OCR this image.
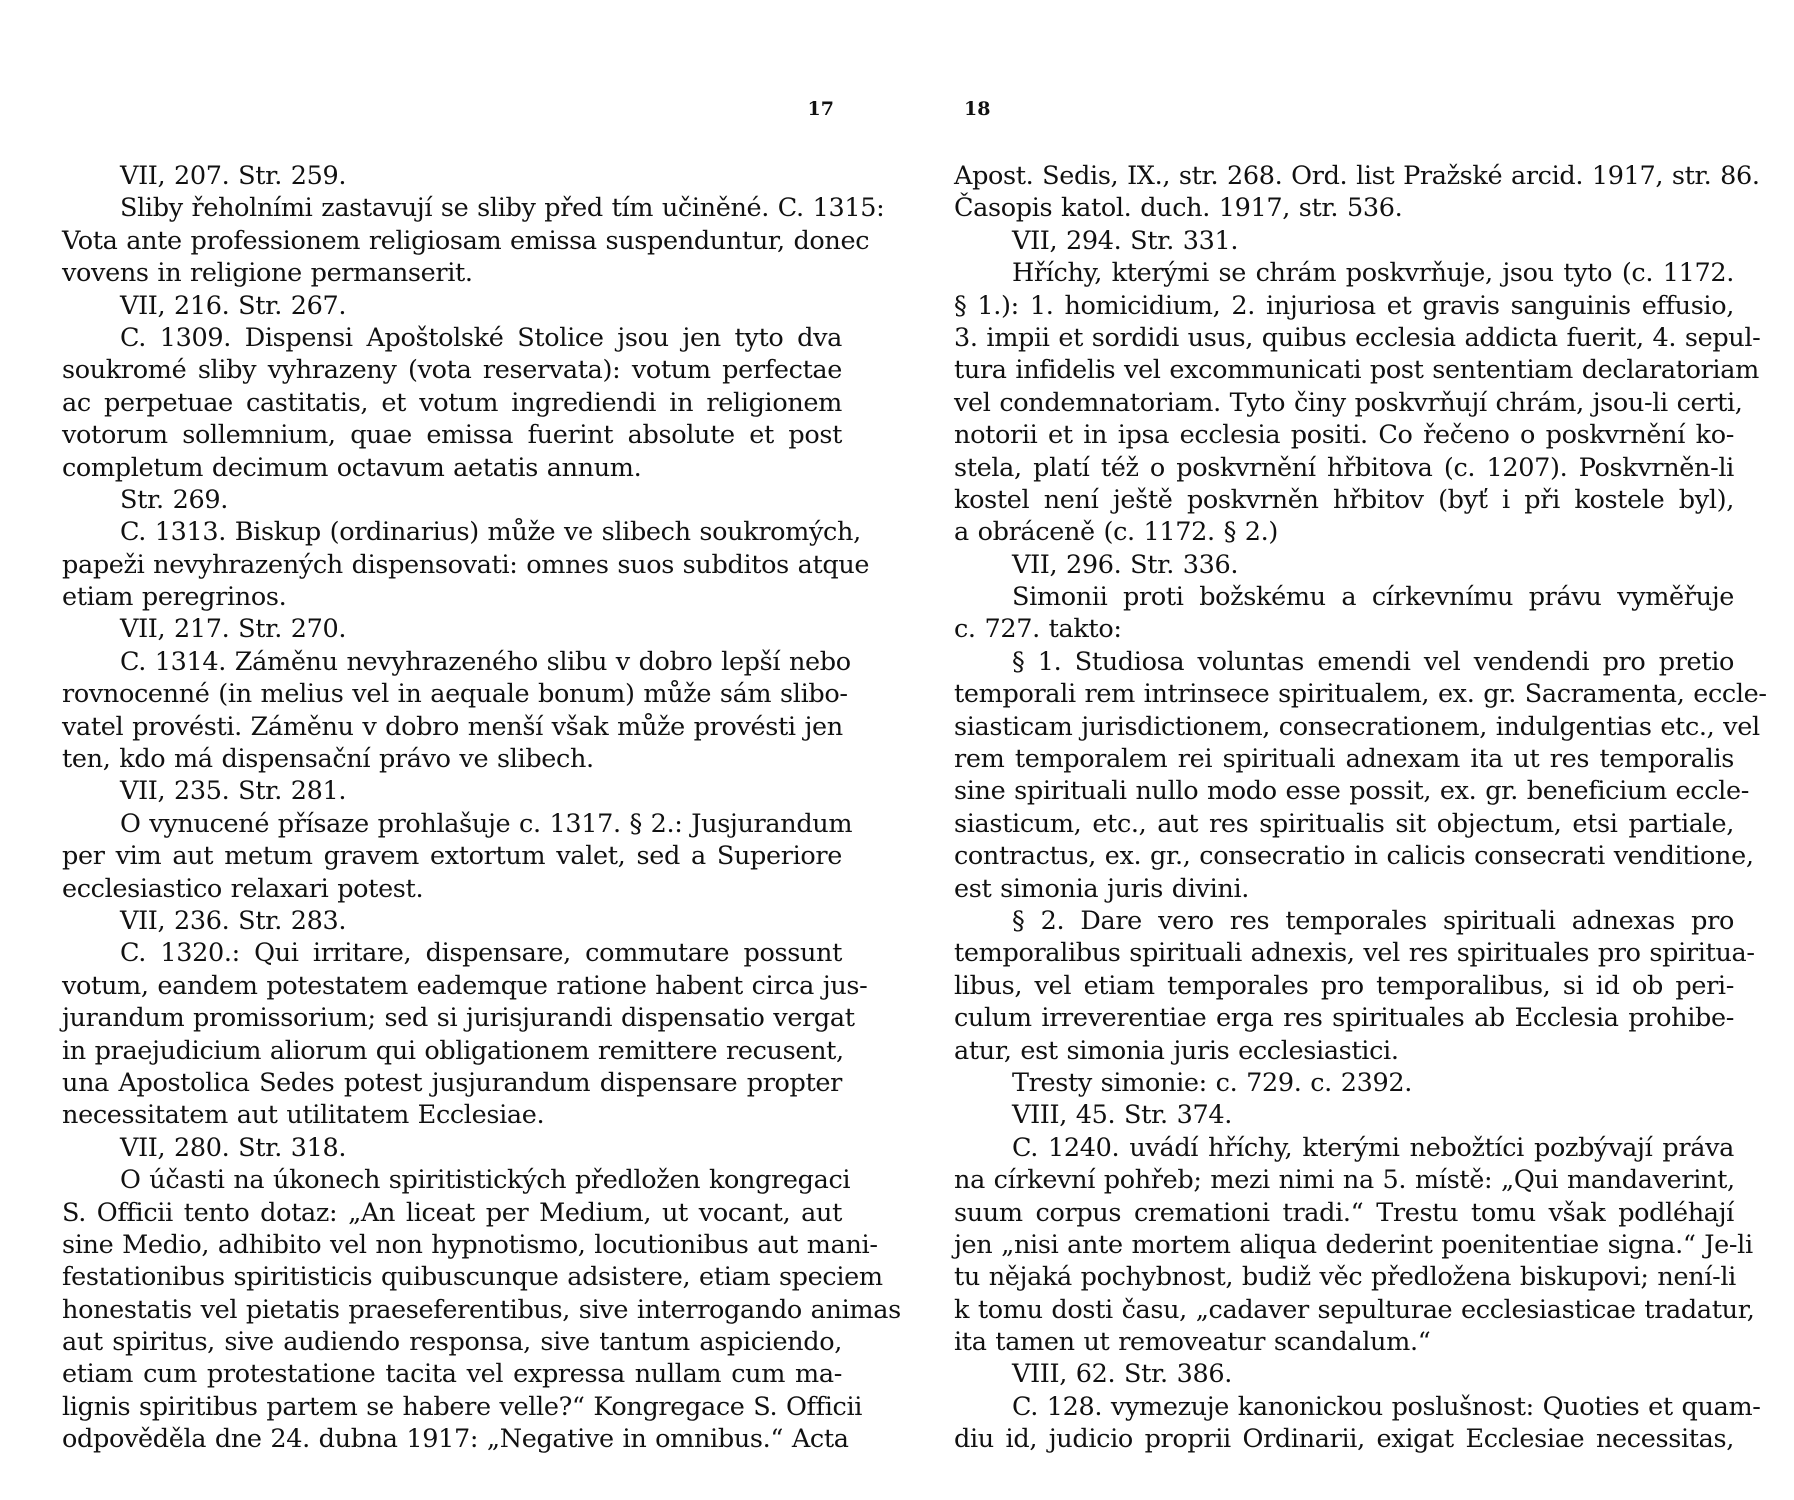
17
VII, 207. Str. 259.
Sliby řeholními zastavují se sliby před tím učiněné. C. 1315:
Vota ante professionem religiosam emissa suspenduntur, donec
vovens in religione permanserit.
VII, 216. Str. 267.
C. 1309. Dispensi Apoštolské Stolice jsou jen tyto dva
soukromé sliby vyhrazeny (vota reservata): votum perfectae
ac perpetuae castitatis, et votum ingrediendi in religionem
votorum sollemnium, quae emissa fuerint absolute et post
completum decimum octavum aetatis annum.
Str. 269.
C. 1313. Biskup (ordinarius) může ve slibech soukromých,
papeži nevyhrazených dispensovati: omnes suos subditos atque
etiam peregrinos.
VII, 217. Str. 270.
C. 1314. Záměnu nevyhrazeného slibu v dobro lepší nebo
rovnocenné (in melius vel in aequale bonum) může sám slibo-
vatel provésti. Záměnu v dobro menší však může provésti jen
ten, kdo má dispensační právo ve slibech.
VII, 235. Str. 281.
O vynucené přísaze prohlašuje c. 1317. § 2.: Jusjurandum
per vim aut metum gravem extortum valet, sed a Superiore
ecclesiastico relaxari potest.
VII, 236. Str. 283.
C. 1320.: Qui irritare, dispensare, commutare possunt
votum, eandem potestatem eademque ratione habent circa jus-
jurandum promissorium; sed si jurisjurandi dispensatio vergat
in praejudicium aliorum qui obligationem remittere recusent,
una Apostolica Sedes potest jusjurandum dispensare propter
necessitatem aut utilitatem Ecclesiae.
VII, 280. Str. 318.
O účasti na úkonech spiritistických předložen kongregaci
S. Officii tento dotaz: „An liceat per Medium, ut vocant, aut
sine Medio, adhibito vel non hypnotismo, locutionibus aut mani-
festationibus spiritisticis quibuscunque adsistere, etiam speciem
honestatis vel pietatis praeseferentibus, sive interrogando animas
aut spiritus, sive audiendo responsa, sive tantum aspiciendo,
etiam cum protestatione tacita vel expressa nullam cum ma-
lignis spiritibus partem se habere velle?“ Kongregace S. Officii
odpověděla dne 24. dubna 1917: „Negative in omnibus.“ Acta
18
Apost. Sedis, IX., str. 268. Ord. list Pražské arcid. 1917, str. 86.
Časopis katol. duch. 1917, str. 536.
VII, 294. Str. 331.
Hříchy, kterými se chrám poskvrňuje, jsou tyto (c. 1172.
§ 1.): 1. homicidium, 2. injuriosa et gravis sanguinis effusio,
3. impii et sordidi usus, quibus ecclesia addicta fuerit, 4. sepul-
tura infidelis vel excommunicati post sententiam declaratoriam
vel condemnatoriam. Tyto činy poskvrňují chrám, jsou-li certi,
notorii et in ipsa ecclesia positi. Co řečeno o poskvrnění ko-
stela, platí též o poskvrnění hřbitova (c. 1207). Poskvrněn-li
kostel není ještě poskvrněn hřbitov (byť i při kostele byl),
a obráceně (c. 1172. § 2.)
VII, 296. Str. 336.
Simonii proti božskému a církevnímu právu vyměřuje
c. 727. takto:
§ 1. Studiosa voluntas emendi vel vendendi pro pretio
temporali rem intrinsece spiritualem, ex. gr. Sacramenta, eccle-
siasticam jurisdictionem, consecrationem, indulgentias etc., vel
rem temporalem rei spirituali adnexam ita ut res temporalis
sine spirituali nullo modo esse possit, ex. gr. beneficium eccle-
siasticum, etc., aut res spiritualis sit objectum, etsi partiale,
contractus, ex. gr., consecratio in calicis consecrati venditione,
est simonia juris divini.
§ 2. Dare vero res temporales spirituali adnexas pro
temporalibus spirituali adnexis, vel res spirituales pro spiritua-
libus, vel etiam temporales pro temporalibus, si id ob peri-
culum irreverentiae erga res spirituales ab Ecclesia prohibe-
atur, est simonia juris ecclesiastici.
Tresty simonie: c. 729. c. 2392.
VIII, 45. Str. 374.
C. 1240. uvádí hříchy, kterými nebožtíci pozbývají práva
na církevní pohřeb; mezi nimi na 5. místě: „Qui mandaverint,
suum corpus cremationi tradi.“ Trestu tomu však podléhají
jen „nisi ante mortem aliqua dederint poenitentiae signa.“ Je-li
tu nějaká pochybnost, budiž věc předložena biskupovi; není-li
k tomu dosti času, „cadaver sepulturae ecclesiasticae tradatur,
ita tamen ut removeatur scandalum.“
VIII, 62. Str. 386.
C. 128. vymezuje kanonickou poslušnost: Quoties et quam-
diu id, judicio proprii Ordinarii, exigat Ecclesiae necessitas,
